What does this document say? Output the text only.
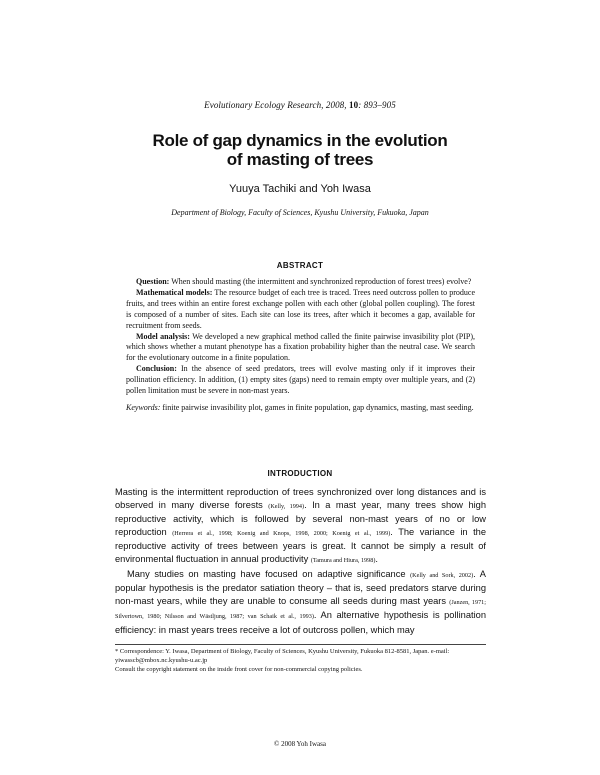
Evolutionary Ecology Research, 2008, 10: 893–905
Role of gap dynamics in the evolution
of masting of trees
Yuuya Tachiki and Yoh Iwasa
Department of Biology, Faculty of Sciences, Kyushu University, Fukuoka, Japan
ABSTRACT

Question: When should masting (the intermittent and synchronized reproduction of forest trees) evolve?

Mathematical models: The resource budget of each tree is traced. Trees need outcross pollen to produce fruits, and trees within an entire forest exchange pollen with each other (global pollen coupling). The forest is composed of a number of sites. Each site can lose its trees, after which it becomes a gap, available for recruitment from seeds.

Model analysis: We developed a new graphical method called the finite pairwise invasibility plot (PIP), which shows whether a mutant phenotype has a fixation probability higher than the neutral case. We search for the evolutionary outcome in a finite population.

Conclusion: In the absence of seed predators, trees will evolve masting only if it improves their pollination efficiency. In addition, (1) empty sites (gaps) need to remain empty over multiple years, and (2) pollen limitation must be severe in non-mast years.

Keywords: finite pairwise invasibility plot, games in finite population, gap dynamics, masting, mast seeding.

INTRODUCTION

Masting is the intermittent reproduction of trees synchronized over long distances and is observed in many diverse forests (Kelly, 1994). In a mast year, many trees show high reproductive activity, which is followed by several non-mast years of no or low reproduction (Herrera et al., 1998; Koenig and Knops, 1998, 2000; Koenig et al., 1999). The variance in the reproductive activity of trees between years is great. It cannot be simply a result of environmental fluctuation in annual productivity (Tamura and Hiura, 1998).

Many studies on masting have focused on adaptive significance (Kelly and Sork, 2002). A popular hypothesis is the predator satiation theory – that is, seed predators starve during non-mast years, while they are unable to consume all seeds during mast years (Janzen, 1971; Silvertown, 1980; Nilsson and Wästljung, 1987; van Schaik et al., 1993). An alternative hypothesis is pollination efficiency: in mast years trees receive a lot of outcross pollen, which may

* Correspondence: Y. Iwasa, Department of Biology, Faculty of Sciences, Kyushu University, Fukuoka 812-8581, Japan. e-mail: yiwasscb@mbox.nc.kyushu-u.ac.jp

Consult the copyright statement on the inside front cover for non-commercial copying policies.

© 2008 Yoh Iwasa
